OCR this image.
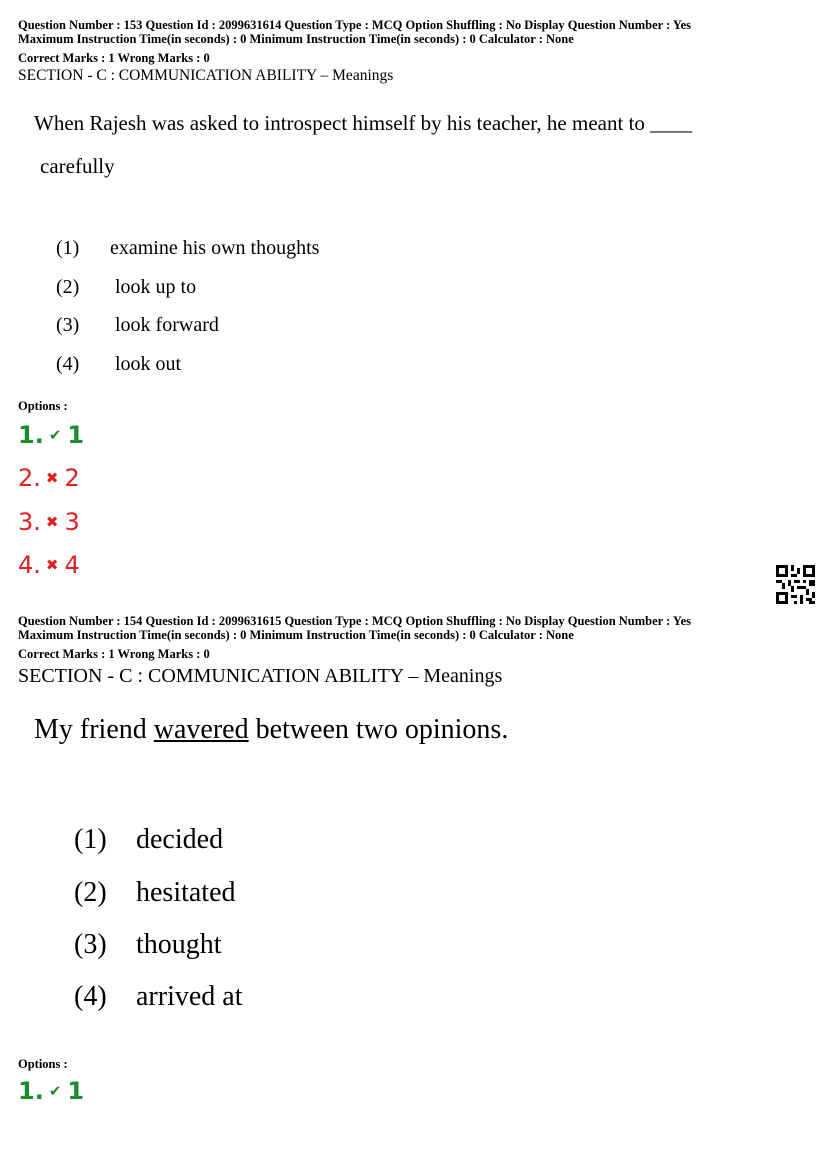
Question Number : 153 Question Id : 2099631614 Question Type : MCQ Option Shuffling : No Display Question Number : Yes
Maximum Instruction Time(in seconds) : 0 Minimum Instruction Time(in seconds) : 0 Calculator : None
Correct Marks : 1 Wrong Marks : 0
SECTION - C : COMMUNICATION ABILITY – Meanings
When Rajesh was asked to introspect himself by his teacher, he meant to ____
carefully
(1) examine his own thoughts
(2) look up to
(3) look forward
(4) look out
Options :
1. ✔ 1
2. ✖ 2
3. ✖ 3
4. ✖ 4
Question Number : 154 Question Id : 2099631615 Question Type : MCQ Option Shuffling : No Display Question Number : Yes
Maximum Instruction Time(in seconds) : 0 Minimum Instruction Time(in seconds) : 0 Calculator : None
Correct Marks : 1 Wrong Marks : 0
SECTION - C : COMMUNICATION ABILITY – Meanings
My friend wavered between two opinions.
(1) decided
(2) hesitated
(3) thought
(4) arrived at
Options :
1. ✔ 1
